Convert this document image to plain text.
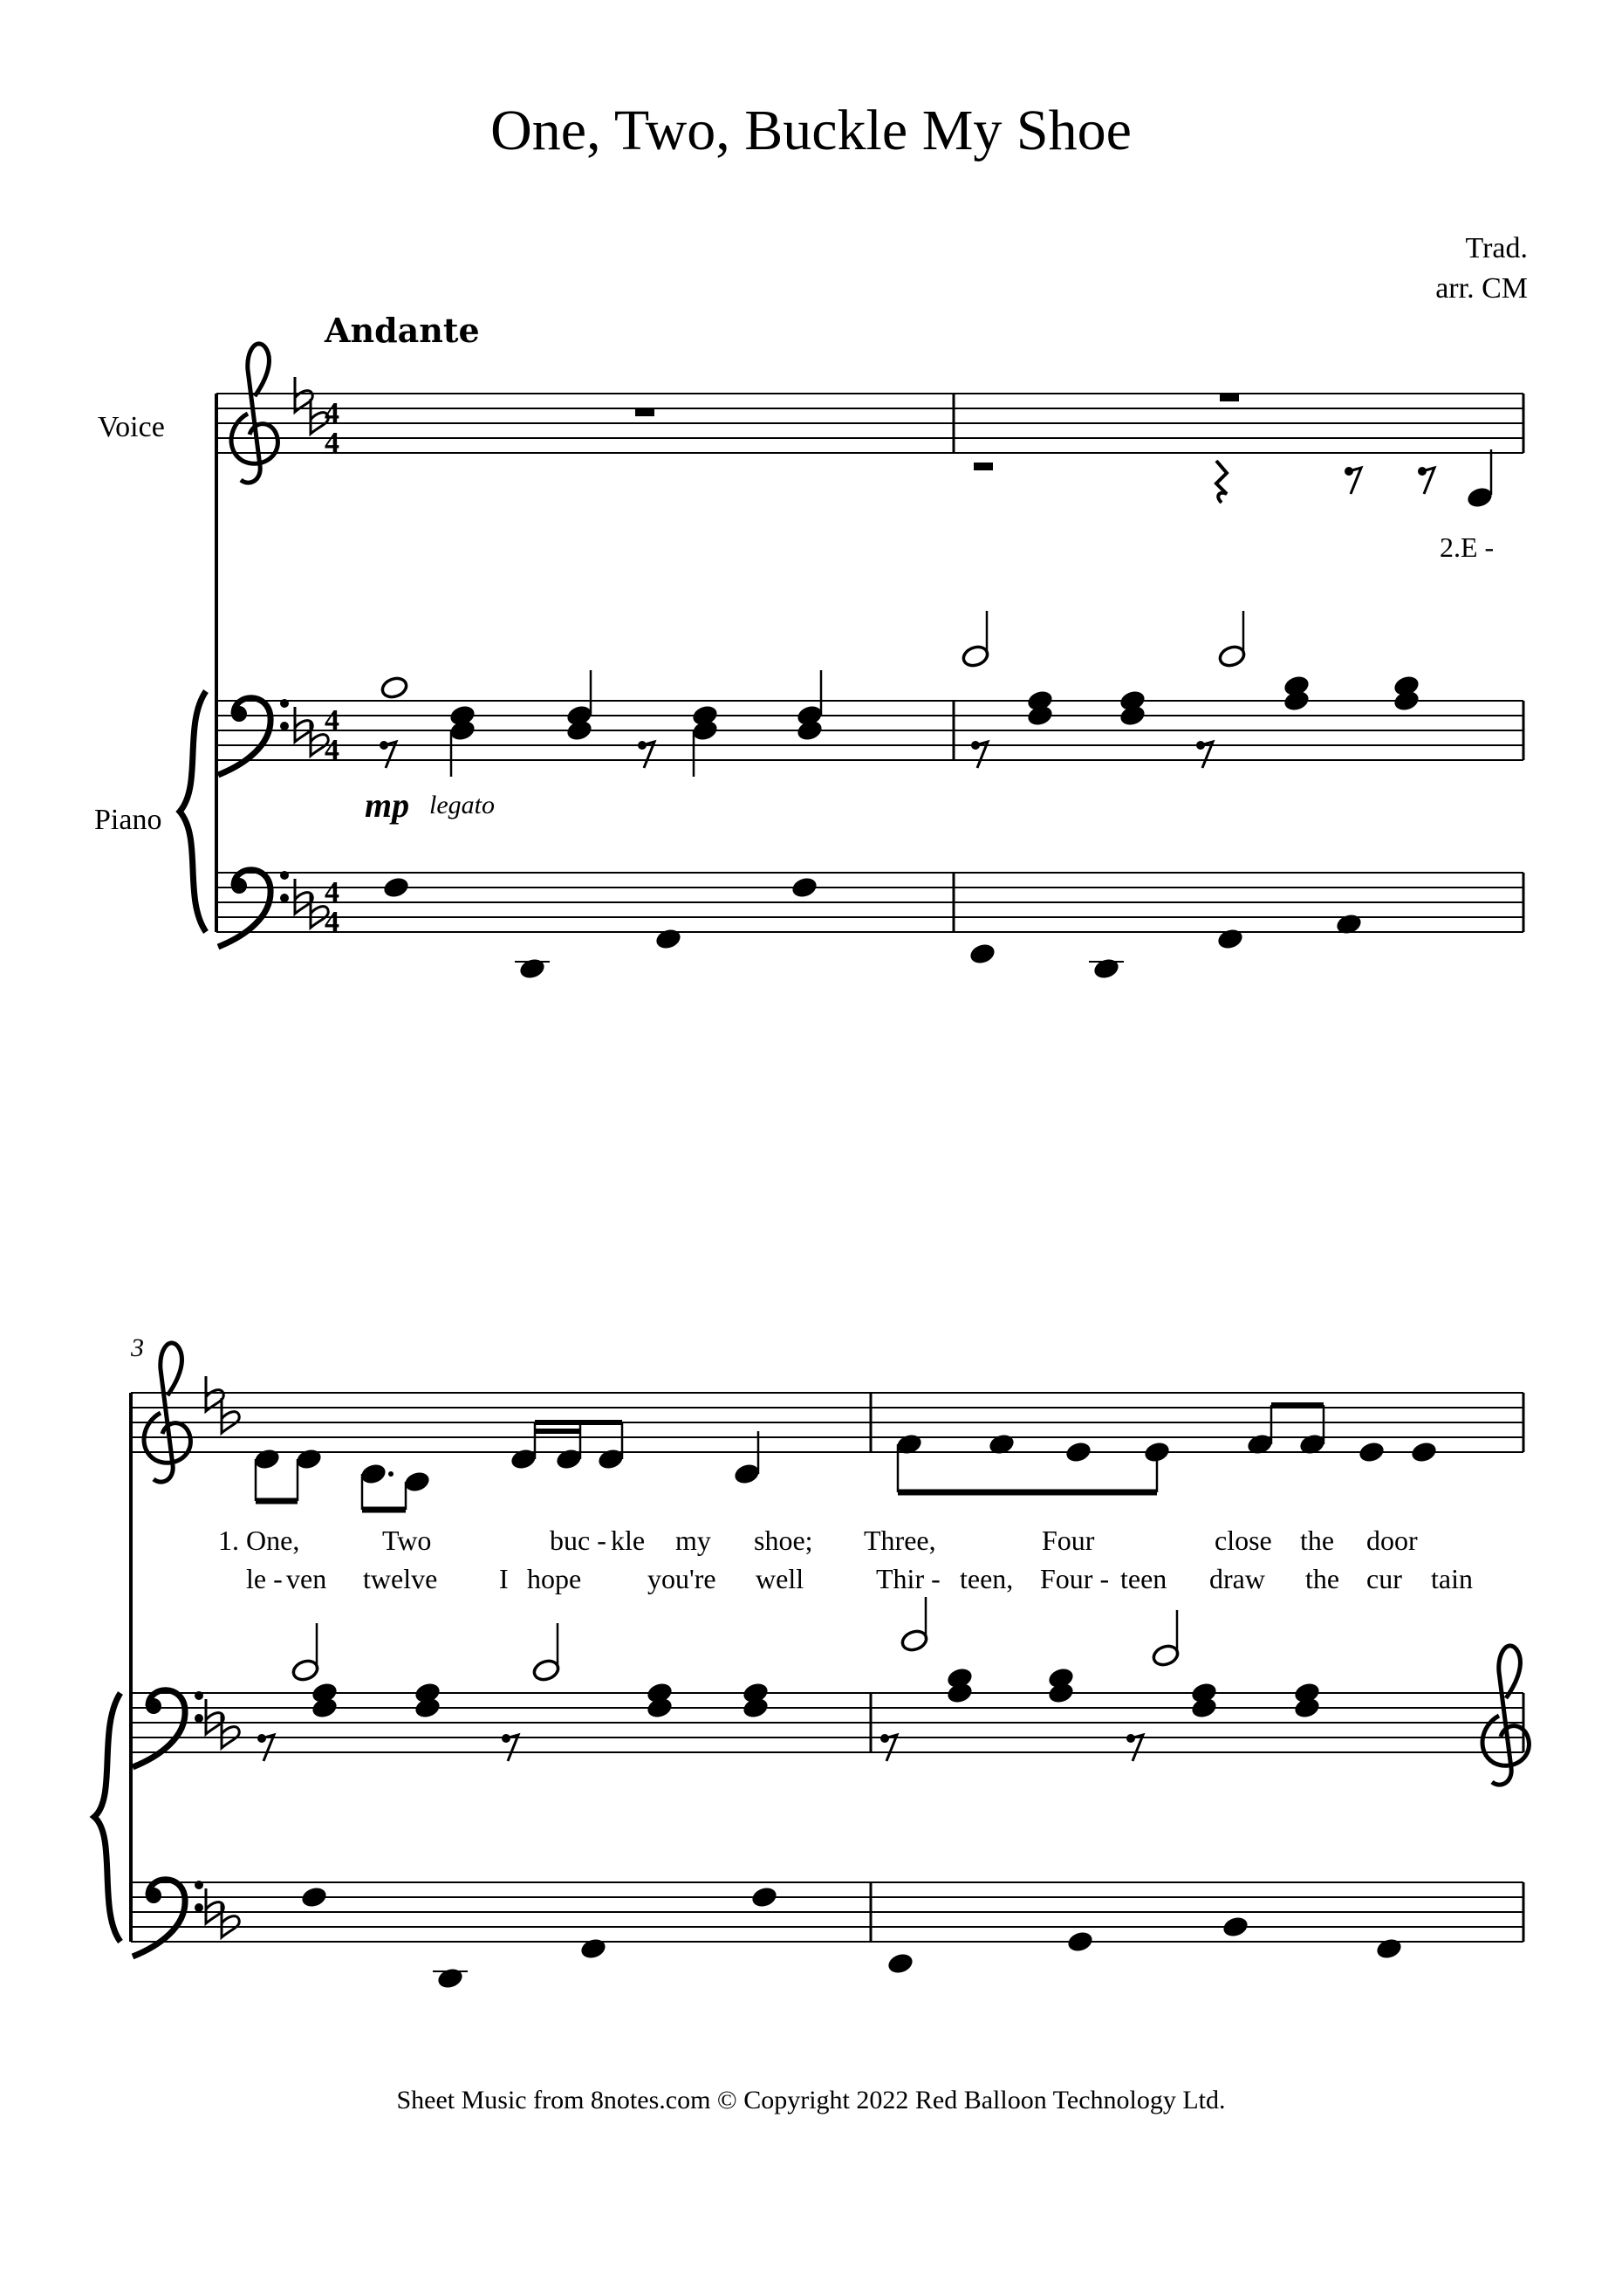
One, Two, Buckle My Shoe
Trad.
arr. CM
Andante
Voice
Piano
4
4
2.E -
4
4
mp legato
4
4
3
1. One,	Two	buc - kle my shoe; Three,	Four	close the door
le - ven twelve I hope you're well	Thir - teen, Four - teen draw the cur tain
Sheet Music from 8notes.com © Copyright 2022 Red Balloon Technology Ltd.
